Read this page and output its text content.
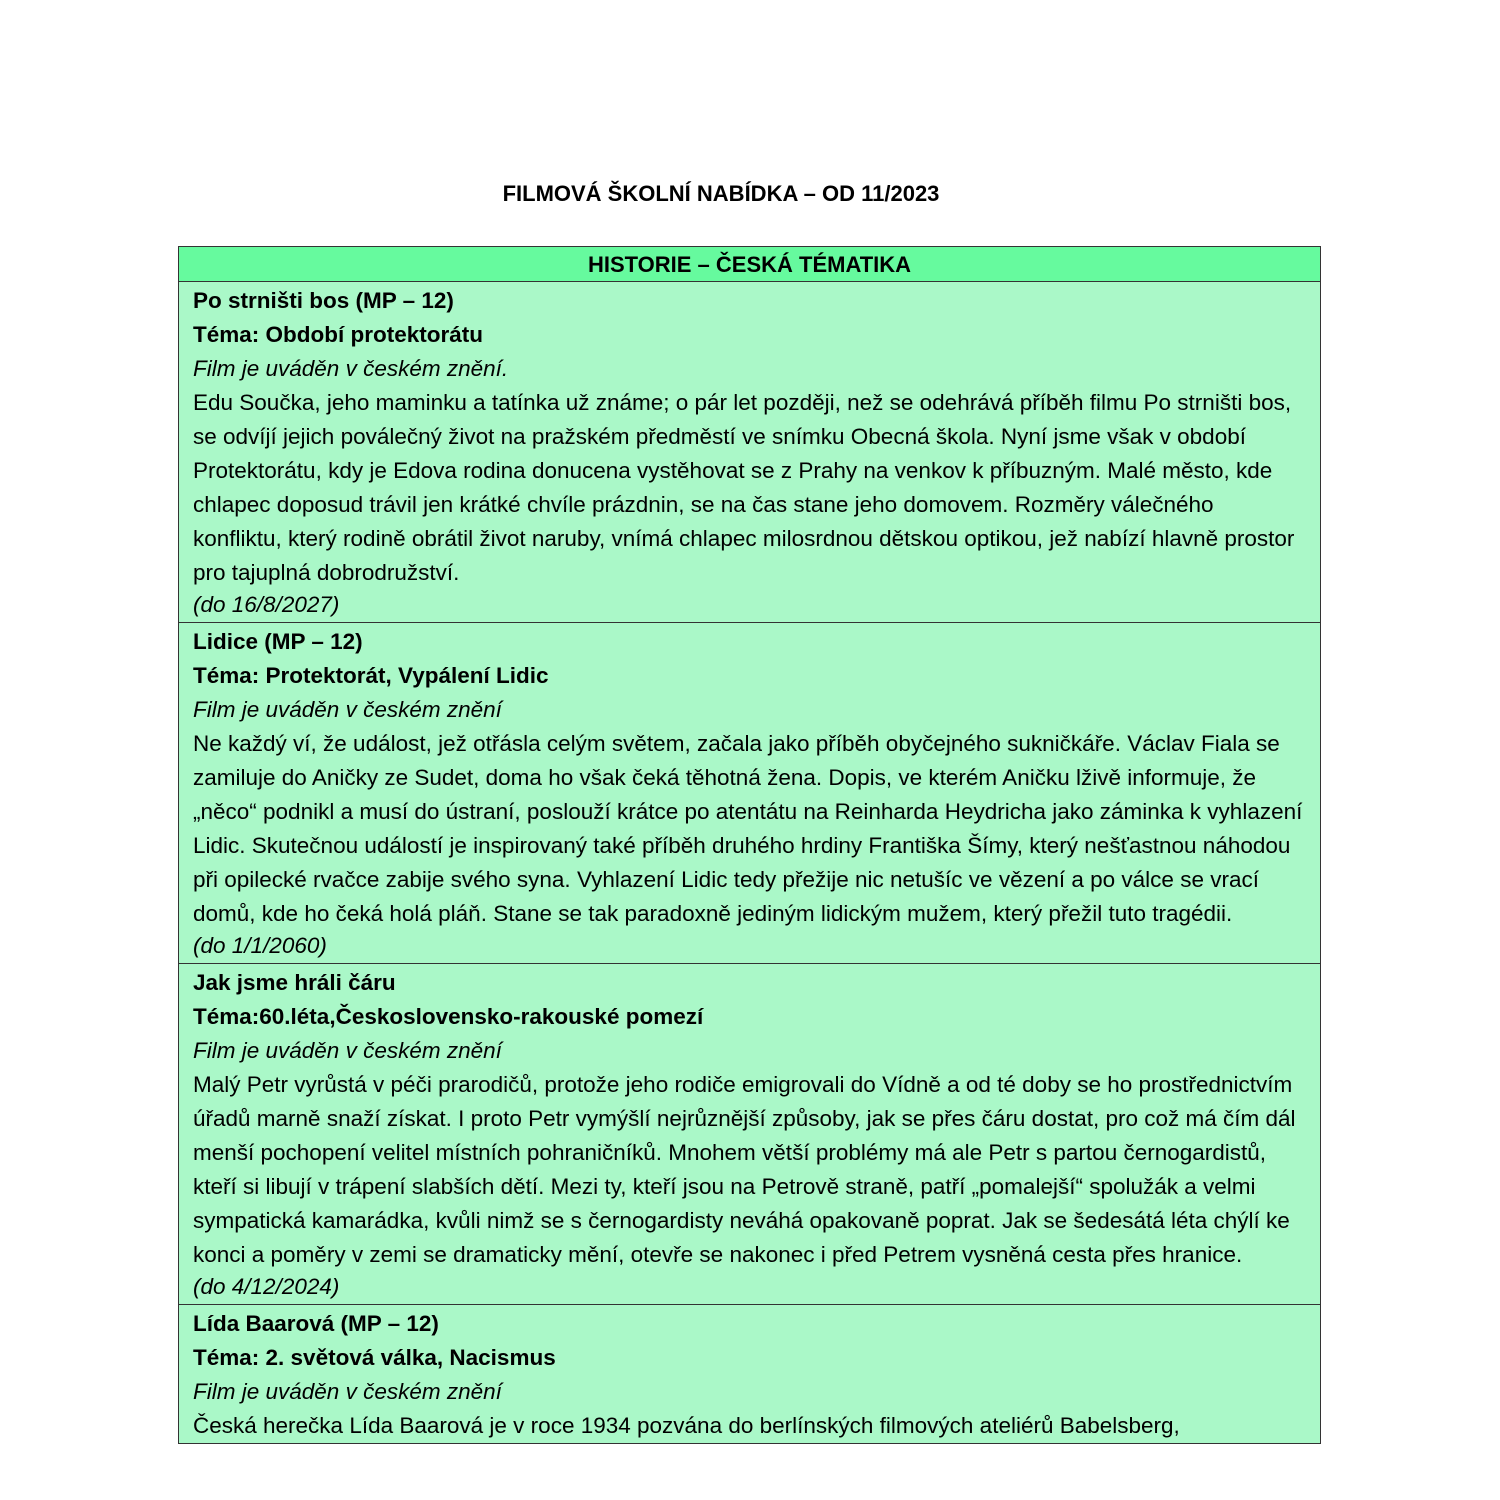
FILMOVÁ ŠKOLNÍ NABÍDKA – OD 11/2023
HISTORIE – ČESKÁ TÉMATIKA
Po strništi bos (MP – 12)
Téma: Období protektorátu
Film je uváděn v českém znění.
Edu Součka, jeho maminku a tatínka už známe; o pár let později, než se odehrává příběh filmu Po strništi bos, se odvíjí jejich poválečný život na pražském předměstí ve snímku Obecná škola. Nyní jsme však v období Protektorátu, kdy je Edova rodina donucena vystěhovat se z Prahy na venkov k příbuzným. Malé město, kde chlapec doposud trávil jen krátké chvíle prázdnin, se na čas stane jeho domovem. Rozměry válečného konfliktu, který rodině obrátil život naruby, vnímá chlapec milosrdnou dětskou optikou, jež nabízí hlavně prostor pro tajuplná dobrodružství.
(do 16/8/2027)
Lidice (MP – 12)
Téma: Protektorát, Vypálení Lidic
Film je uváděn v českém znění
Ne každý ví, že událost, jež otřásla celým světem, začala jako příběh obyčejného sukničkáře. Václav Fiala se zamiluje do Aničky ze Sudet, doma ho však čeká těhotná žena. Dopis, ve kterém Aničku lživě informuje, že „něco“ podnikl a musí do ústraní, poslouží krátce po atentátu na Reinharda Heydricha jako záminka k vyhlazení Lidic. Skutečnou událostí je inspirovaný také příběh druhého hrdiny Františka Šímy, který nešťastnou náhodou při opilecké rvačce zabije svého syna. Vyhlazení Lidic tedy přežije nic netušíc ve vězení a po válce se vrací domů, kde ho čeká holá pláň. Stane se tak paradoxně jediným lidickým mužem, který přežil tuto tragédii.
(do 1/1/2060)
Jak jsme hráli čáru
Téma:60.léta,Československo-rakouské pomezí
Film je uváděn v českém znění
Malý Petr vyrůstá v péči prarodičů, protože jeho rodiče emigrovali do Vídně a od té doby se ho prostřednictvím úřadů marně snaží získat. I proto Petr vymýšlí nejrůznější způsoby, jak se přes čáru dostat, pro což má čím dál menší pochopení velitel místních pohraničníků. Mnohem větší problémy má ale Petr s partou černogardistů, kteří si libují v trápení slabších dětí. Mezi ty, kteří jsou na Petrově straně, patří „pomalejší“ spolužák a velmi sympatická kamarádka, kvůli nimž se s černogardisty neváhá opakovaně poprat. Jak se šedesátá léta chýlí ke konci a poměry v zemi se dramaticky mění, otevře se nakonec i před Petrem vysněná cesta přes hranice.
(do 4/12/2024)
Lída Baarová (MP – 12)
Téma: 2. světová válka, Nacismus
Film je uváděn v českém znění
Česká herečka Lída Baarová je v roce 1934 pozvána do berlínských filmových ateliérů Babelsberg,
